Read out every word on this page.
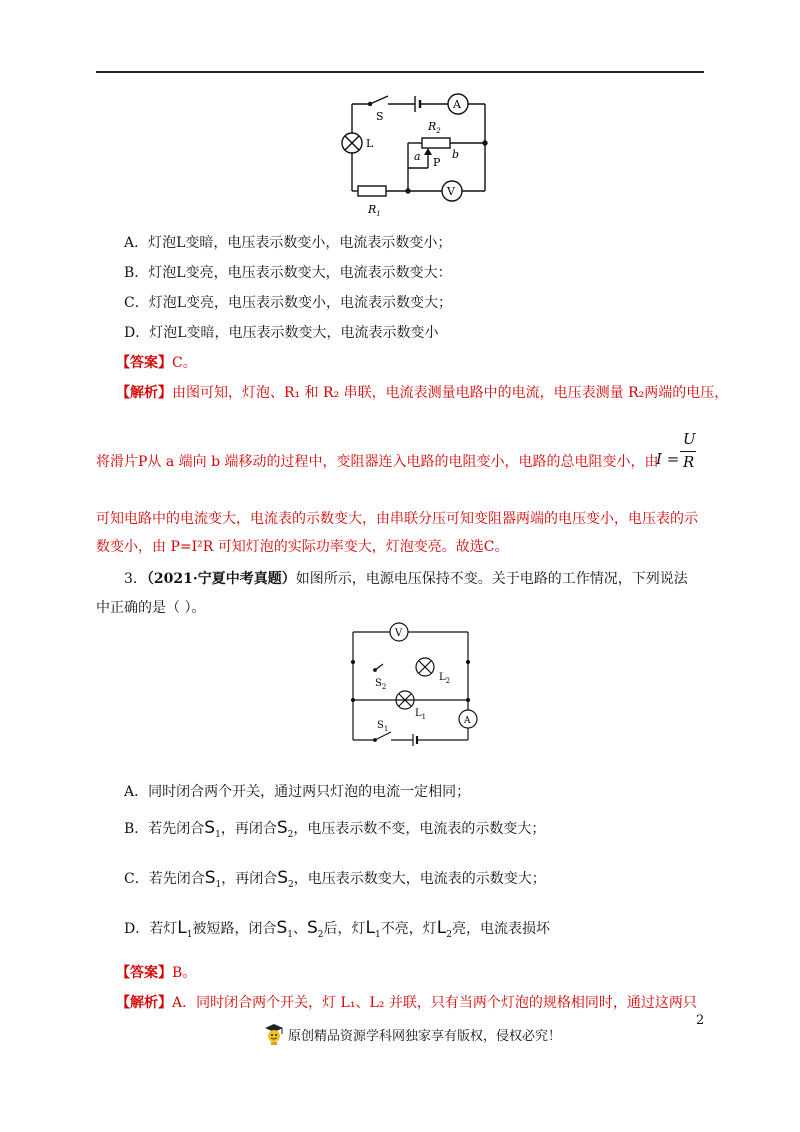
S
A
L
$R_2$
a	b
P
V
$R_1$
A．灯泡L变暗，电压表示数变小，电流表示数变小；
B．灯泡L变亮，电压表示数变大，电流表示数变大：
C．灯泡L变亮，电压表示数变小，电流表示数变大；
D．灯泡L变暗，电压表示数变大，电流表示数变小
【答案】C。
【解析】由图可知，灯泡、R₁ 和 R₂ 串联，电流表测量电路中的电流，电压表测量 R₂两端的电压，
将滑片P从 a 端向 b 端移动的过程中，变阻器连入电路的电阻变小，电路的总电阻变小，由
I =
U
R
可知电路中的电流变大，电流表的示数变大，由串联分压可知变阻器两端的电压变小，电压表的示
数变小，由 P=I²R 可知灯泡的实际功率变大，灯泡变亮。故选C。
3．（2021·宁夏中考真题）如图所示，电源电压保持不变。关于电路的工作情况，下列说法
中正确的是（ ）。
V
$S_2$
$L_2$
$L_1$	A
$S_1$
A．同时闭合两个开关，通过两只灯泡的电流一定相同；
B．若先闭合$S_1$，再闭合$S_2$，电压表示数不变，电流表的示数变大；
C．若先闭合$S_1$，再闭合$S_2$，电压表示数变大，电流表的示数变大；
D．若灯$L_1$被短路，闭合$S_1$、$S_2$后，灯$L_1$不亮，灯$L_2$亮，电流表损坏
【答案】B。
【解析】A．同时闭合两个开关，灯 L₁、L₂ 并联，只有当两个灯泡的规格相同时，通过这两只
2
原创精品资源学科网独家享有版权，侵权必究！
